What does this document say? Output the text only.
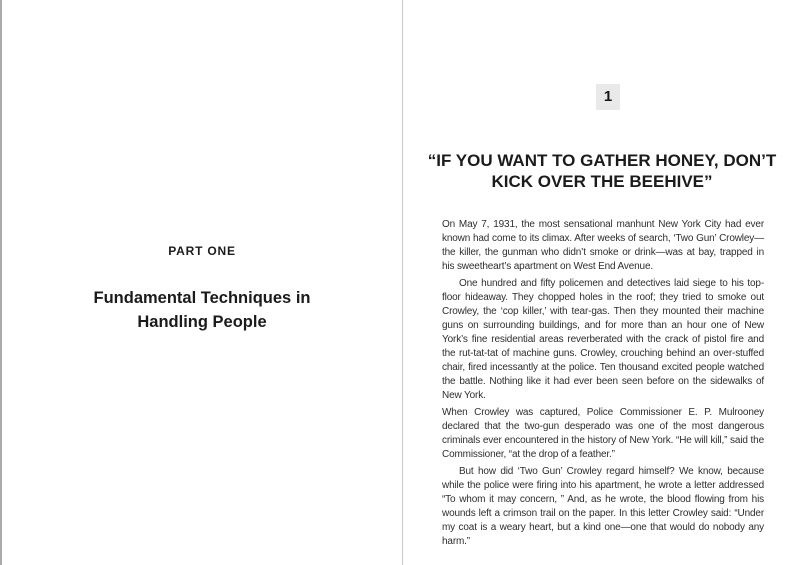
PART ONE
Fundamental Techniques in
Handling People
1
“IF YOU WANT TO GATHER HONEY, DON’T
KICK OVER THE BEEHIVE”

On May 7, 1931, the most sensational manhunt New York City had ever known had come to its climax. After weeks of search, ‘Two Gun’ Crowley—the killer, the gunman who didn’t smoke or drink—was at bay, trapped in his sweetheart’s apartment on West End Avenue.

One hundred and fifty policemen and detectives laid siege to his top-floor hideaway. They chopped holes in the roof; they tried to smoke out Crowley, the ‘cop killer,’ with tear-gas. Then they mounted their machine guns on surrounding buildings, and for more than an hour one of New York’s fine residential areas reverberated with the crack of pistol fire and the rut-tat-tat of machine guns. Crowley, crouching behind an over-stuffed chair, fired incessantly at the police. Ten thousand excited people watched the battle. Nothing like it had ever been seen before on the sidewalks of New York.

When Crowley was captured, Police Commissioner E. P. Mulrooney declared that the two-gun desperado was one of the most dangerous criminals ever encountered in the history of New York. “He will kill,” said the Commissioner, “at the drop of a feather.”

But how did ‘Two Gun’ Crowley regard himself? We know, because while the police were firing into his apartment, he wrote a letter addressed “To whom it may concern, ” And, as he wrote, the blood flowing from his wounds left a crimson trail on the paper. In this letter Crowley said: “Under my coat is a weary heart, but a kind one—one that would do nobody any harm.”
